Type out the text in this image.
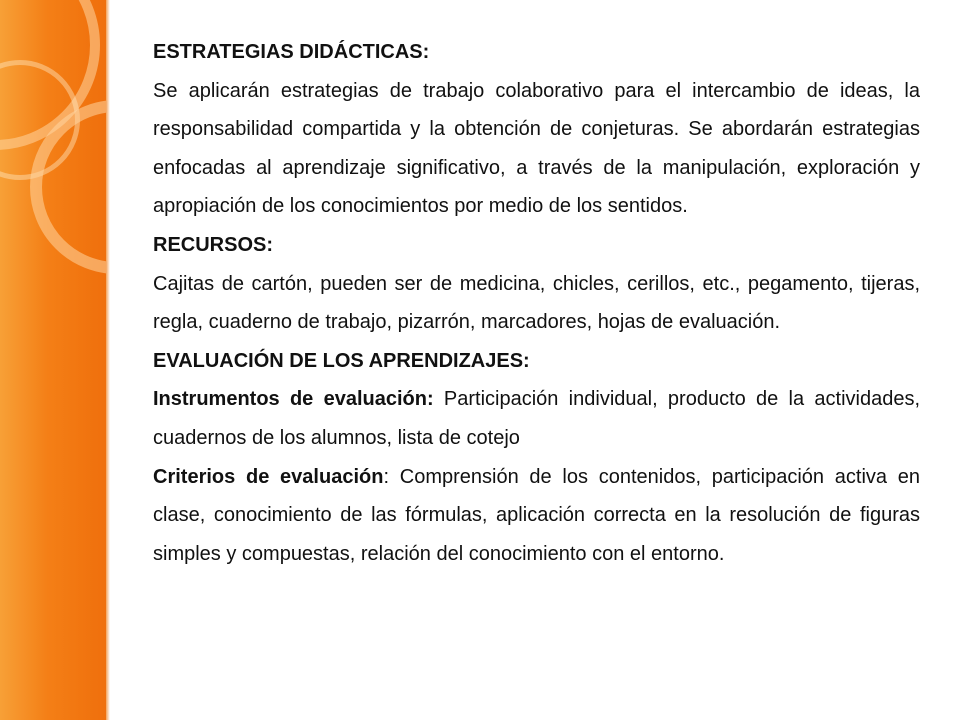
ESTRATEGIAS DIDÁCTICAS:

Se aplicarán estrategias de trabajo colaborativo para el intercambio de ideas, la responsabilidad compartida y la obtención de conjeturas. Se abordarán estrategias enfocadas al aprendizaje significativo, a través de la manipulación, exploración y apropiación de los conocimientos por medio de los sentidos.

RECURSOS:

Cajitas de cartón, pueden ser de medicina, chicles, cerillos, etc., pegamento, tijeras, regla, cuaderno de trabajo, pizarrón, marcadores, hojas de evaluación.

EVALUACIÓN DE LOS APRENDIZAJES:

Instrumentos de evaluación: Participación individual, producto de la actividades, cuadernos de los alumnos, lista de cotejo

Criterios de evaluación: Comprensión de los contenidos, participación activa en clase, conocimiento de las fórmulas, aplicación correcta en la resolución de figuras simples y compuestas, relación del conocimiento con el entorno.
